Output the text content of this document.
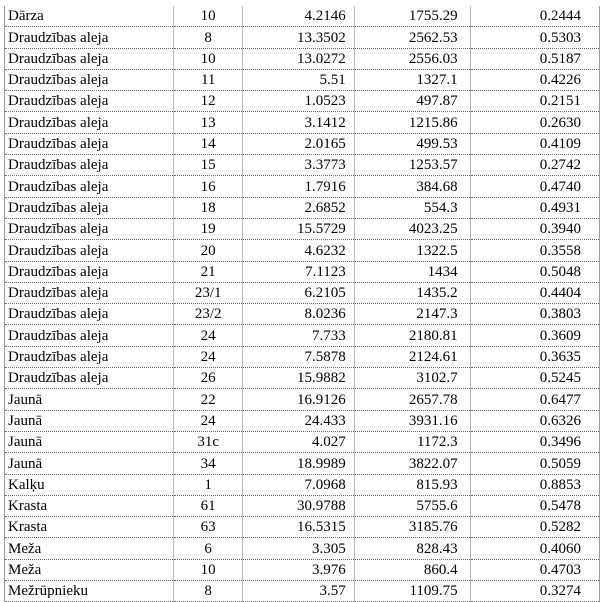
Dārza	10	4.2146	1755.29	0.2444
Draudzības aleja	8	13.3502	2562.53	0.5303
Draudzības aleja	10	13.0272	2556.03	0.5187
Draudzības aleja	11	5.51	1327.1	0.4226
Draudzības aleja	12	1.0523	497.87	0.2151
Draudzības aleja	13	3.1412	1215.86	0.2630
Draudzības aleja	14	2.0165	499.53	0.4109
Draudzības aleja	15	3.3773	1253.57	0.2742
Draudzības aleja	16	1.7916	384.68	0.4740
Draudzības aleja	18	2.6852	554.3	0.4931
Draudzības aleja	19	15.5729	4023.25	0.3940
Draudzības aleja	20	4.6232	1322.5	0.3558
Draudzības aleja	21	7.1123	1434	0.5048
Draudzības aleja	23/1	6.2105	1435.2	0.4404
Draudzības aleja	23/2	8.0236	2147.3	0.3803
Draudzības aleja	24	7.733	2180.81	0.3609
Draudzības aleja	24	7.5878	2124.61	0.3635
Draudzības aleja	26	15.9882	3102.7	0.5245
Jaunā	22	16.9126	2657.78	0.6477
Jaunā	24	24.433	3931.16	0.6326
Jaunā	31c	4.027	1172.3	0.3496
Jaunā	34	18.9989	3822.07	0.5059
Kalķu	1	7.0968	815.93	0.8853
Krasta	61	30.9788	5755.6	0.5478
Krasta	63	16.5315	3185.76	0.5282
Meža	6	3.305	828.43	0.4060
Meža	10	3.976	860.4	0.4703
Mežrūpnieku	8	3.57	1109.75	0.3274
